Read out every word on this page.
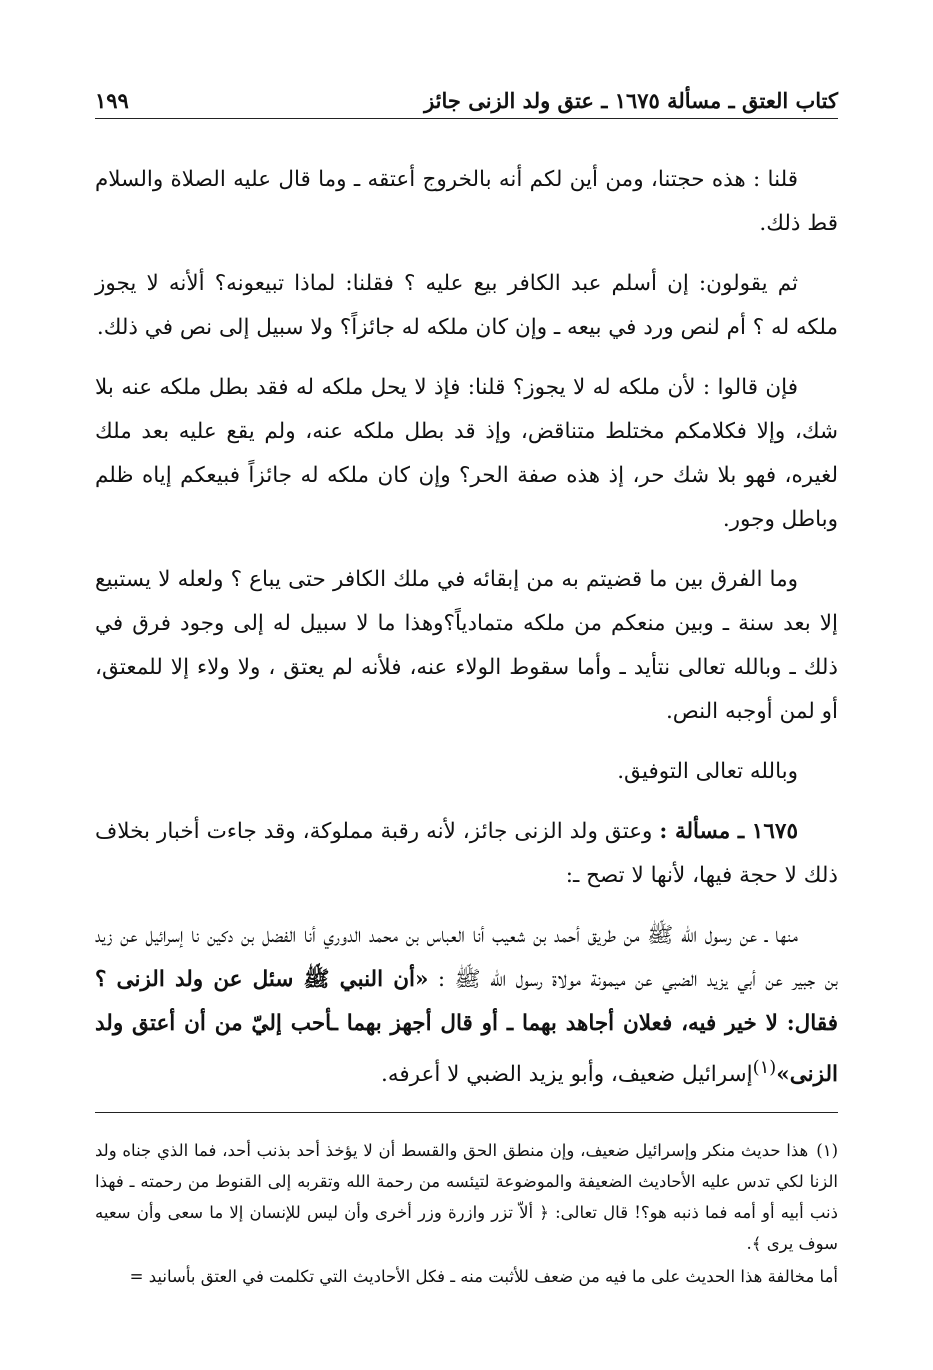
كتاب العتق ـ مسألة ١٦٧٥ ـ عتق ولد الزنى جائز
١٩٩

قلنا : هذه حجتنا، ومن أين لكم أنه بالخروج أعتقه ـ وما قال عليه الصلاة والسلام قط ذلك.

ثم يقولون: إن أسلم عبد الكافر بيع عليه ؟ فقلنا: لماذا تبيعونه؟ ألأنه لا يجوز ملكه له ؟ أم لنص ورد في بيعه ـ وإن كان ملكه له جائزاً؟ ولا سبيل إلى نص في ذلك.

فإن قالوا : لأن ملكه له لا يجوز؟ قلنا: فإذ لا يحل ملكه له فقد بطل ملكه عنه بلا شك، وإلا فكلامكم مختلط متناقض، وإذ قد بطل ملكه عنه، ولم يقع عليه بعد ملك لغيره، فهو بلا شك حر، إذ هذه صفة الحر؟ وإن كان ملكه له جائزاً فبيعكم إياه ظلم وباطل وجور.

وما الفرق بين ما قضيتم به من إبقائه في ملك الكافر حتى يباع ؟ ولعله لا يستبيع إلا بعد سنة ـ وبين منعكم من ملكه متمادياً؟وهذا ما لا سبيل له إلى وجود فرق في ذلك ـ وبالله تعالى نتأيد ـ وأما سقوط الولاء عنه، فلأنه لم يعتق ، ولا ولاء إلا للمعتق، أو لمن أوجبه النص.

وبالله تعالى التوفيق.

١٦٧٥ ـ مسألة : وعتق ولد الزنى جائز، لأنه رقبة مملوكة، وقد جاءت أخبار بخلاف ذلك لا حجة فيها، لأنها لا تصح ـ:

منها ـ عن رسول الله ﷺ من طريق أحمد بن شعيب أنا العباس بن محمد الدوري أنا الفضل بن دكين نا إسرائيل عن زيد بن جبير عن أبي يزيد الضبي عن ميمونة مولاة رسول الله ﷺ : «أن النبي ﷺ سئل عن ولد الزنى ؟ فقال: لا خير فيه، فعلان أجاهد بهما ـ أو قال أجهز بهما ـأحب إليّ من أن أعتق ولد الزنى»$^{(١)}$إسرائيل ضعيف، وأبو يزيد الضبي لا أعرفه.

(١)هذا حديث منكر وإسرائيل ضعيف، وإن منطق الحق والقسط أن لا يؤخذ أحد بذنب أحد، فما الذي جناه ولد الزنا لكي تدس عليه الأحاديث الضعيفة والموضوعة لتيئسه من رحمة الله وتقربه إلى القنوط من رحمته ـ فهذا ذنب أبيه أو أمه فما ذنبه هو؟! قال تعالى: ﴿ ألاّ تزر وازرة وزر أخرى وأن ليس للإنسان إلا ما سعى وأن سعيه سوف يرى ﴾.

أما مخالفة هذا الحديث على ما فيه من ضعف للأثبت منه ـ فكل الأحاديث التي تكلمت في العتق بأسانيد =
